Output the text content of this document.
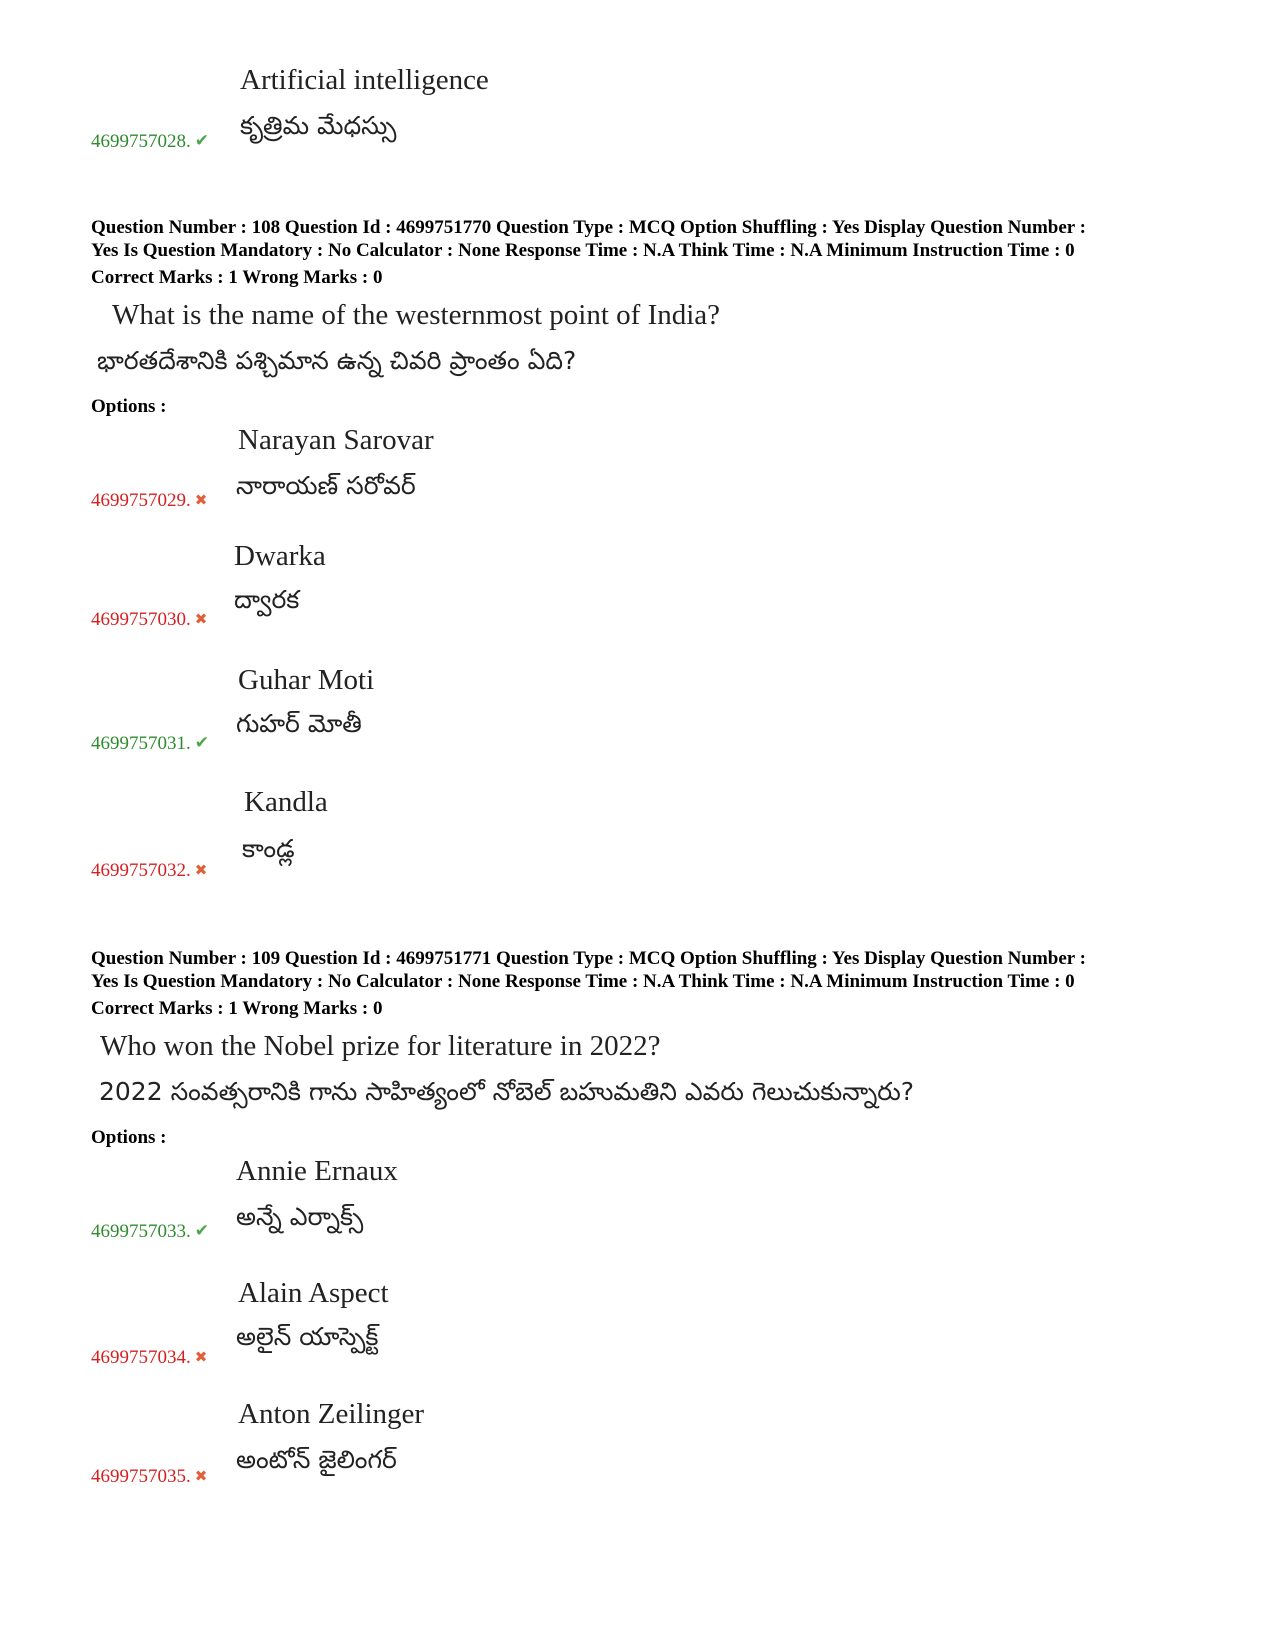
Artificial intelligence
కృత్రిమ మేధస్సు
4699757028. ✔
Question Number : 108 Question Id : 4699751770 Question Type : MCQ Option Shuffling : Yes Display Question Number :
Yes Is Question Mandatory : No Calculator : None Response Time : N.A Think Time : N.A Minimum Instruction Time : 0
Correct Marks : 1 Wrong Marks : 0
What is the name of the westernmost point of India?
భారతదేశానికి పశ్చిమాన ఉన్న చివరి ప్రాంతం ఏది?
Options :
Narayan Sarovar
నారాయణ్ సరోవర్
4699757029. ✖
Dwarka
ద్వారక
4699757030. ✖
Guhar Moti
గుహర్ మోతీ
4699757031. ✔
Kandla
కాండ్ల
4699757032. ✖
Question Number : 109 Question Id : 4699751771 Question Type : MCQ Option Shuffling : Yes Display Question Number :
Yes Is Question Mandatory : No Calculator : None Response Time : N.A Think Time : N.A Minimum Instruction Time : 0
Correct Marks : 1 Wrong Marks : 0
Who won the Nobel prize for literature in 2022?
2022 సంవత్సరానికి గాను సాహిత్యంలో నోబెల్ బహుమతిని ఎవరు గెలుచుకున్నారు?
Options :
Annie Ernaux
అన్నే ఎర్నాక్స్
4699757033. ✔
Alain Aspect
అలైన్ యాస్పెక్ట్
4699757034. ✖
Anton Zeilinger
అంటోన్ జైలింగర్
4699757035. ✖
